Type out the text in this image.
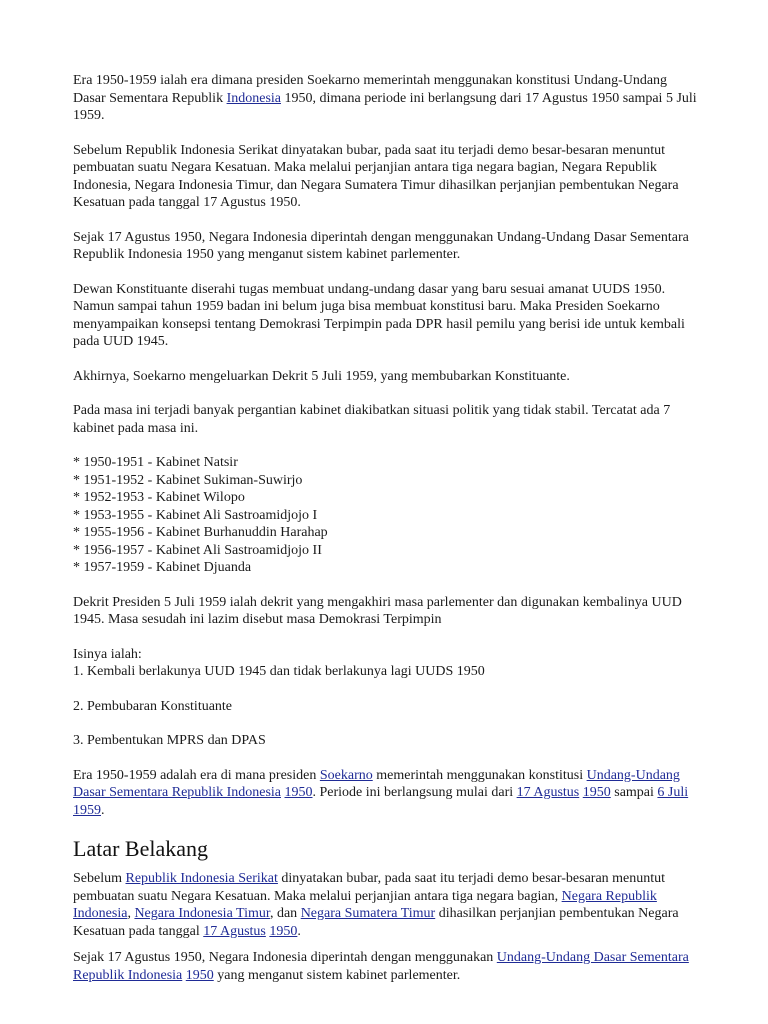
Era 1950-1959 ialah era dimana presiden Soekarno memerintah menggunakan konstitusi Undang-Undang Dasar Sementara Republik Indonesia 1950, dimana periode ini berlangsung dari 17 Agustus 1950 sampai 5 Juli 1959.

Sebelum Republik Indonesia Serikat dinyatakan bubar, pada saat itu terjadi demo besar-besaran menuntut pembuatan suatu Negara Kesatuan. Maka melalui perjanjian antara tiga negara bagian, Negara Republik Indonesia, Negara Indonesia Timur, dan Negara Sumatera Timur dihasilkan perjanjian pembentukan Negara Kesatuan pada tanggal 17 Agustus 1950.

Sejak 17 Agustus 1950, Negara Indonesia diperintah dengan menggunakan Undang-Undang Dasar Sementara Republik Indonesia 1950 yang menganut sistem kabinet parlementer.

Dewan Konstituante diserahi tugas membuat undang-undang dasar yang baru sesuai amanat UUDS 1950. Namun sampai tahun 1959 badan ini belum juga bisa membuat konstitusi baru. Maka Presiden Soekarno menyampaikan konsepsi tentang Demokrasi Terpimpin pada DPR hasil pemilu yang berisi ide untuk kembali pada UUD 1945.

Akhirnya, Soekarno mengeluarkan Dekrit 5 Juli 1959, yang membubarkan Konstituante.

Pada masa ini terjadi banyak pergantian kabinet diakibatkan situasi politik yang tidak stabil. Tercatat ada 7 kabinet pada masa ini.

* 1950-1951 - Kabinet Natsir

* 1951-1952 - Kabinet Sukiman-Suwirjo

* 1952-1953 - Kabinet Wilopo

* 1953-1955 - Kabinet Ali Sastroamidjojo I

* 1955-1956 - Kabinet Burhanuddin Harahap

* 1956-1957 - Kabinet Ali Sastroamidjojo II

* 1957-1959 - Kabinet Djuanda

Dekrit Presiden 5 Juli 1959 ialah dekrit yang mengakhiri masa parlementer dan digunakan kembalinya UUD 1945. Masa sesudah ini lazim disebut masa Demokrasi Terpimpin

Isinya ialah:

1. Kembali berlakunya UUD 1945 dan tidak berlakunya lagi UUDS 1950

2. Pembubaran Konstituante

3. Pembentukan MPRS dan DPAS

Era 1950-1959 adalah era di mana presiden Soekarno memerintah menggunakan konstitusi Undang-Undang Dasar Sementara Republik Indonesia 1950. Periode ini berlangsung mulai dari 17 Agustus 1950 sampai 6 Juli 1959.

Latar Belakang

Sebelum Republik Indonesia Serikat dinyatakan bubar, pada saat itu terjadi demo besar-besaran menuntut pembuatan suatu Negara Kesatuan. Maka melalui perjanjian antara tiga negara bagian, Negara Republik Indonesia, Negara Indonesia Timur, dan Negara Sumatera Timur dihasilkan perjanjian pembentukan Negara Kesatuan pada tanggal 17 Agustus 1950.

Sejak 17 Agustus 1950, Negara Indonesia diperintah dengan menggunakan Undang-Undang Dasar Sementara Republik Indonesia 1950 yang menganut sistem kabinet parlementer.
